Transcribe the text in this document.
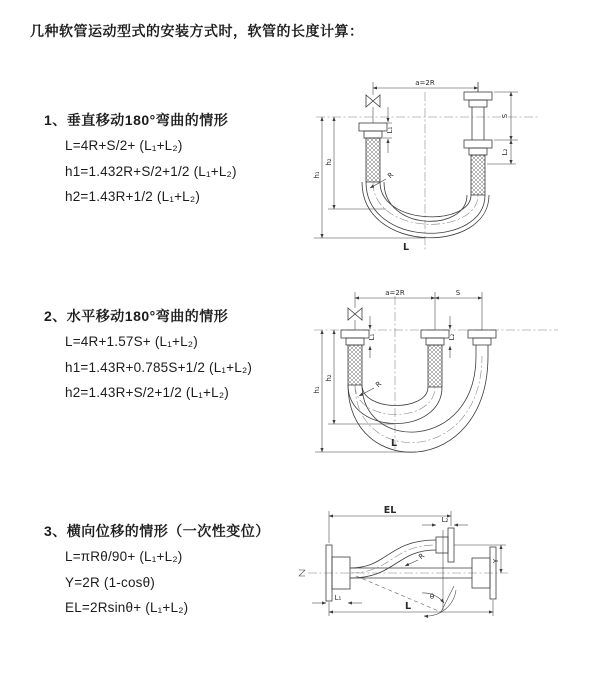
几种软管运动型式的安装方式时，软管的长度计算：
1、垂直移动180°弯曲的情形
L=4R+S/2+ (L₁+L₂)
h1=1.432R+S/2+1/2 (L₁+L₂)
h2=1.43R+1/2 (L₁+L₂)
2、水平移动180°弯曲的情形
L=4R+1.57S+ (L₁+L₂)
h1=1.43R+0.785S+1/2 (L₁+L₂)
h2=1.43R+S/2+1/2 (L₁+L₂)
3、横向位移的情形（一次性变位）
L=πRθ/90+ (L₁+L₂)
Y=2R (1-cosθ)
EL=2Rsinθ+ (L₁+L₂)
a=2R
h₁
h₂
L₁
S
L₂
R
L
a=2R	S
h₁
h₂
L₁	L₂
R
L
θ
EL
L₂
Y
L
L₁
R
